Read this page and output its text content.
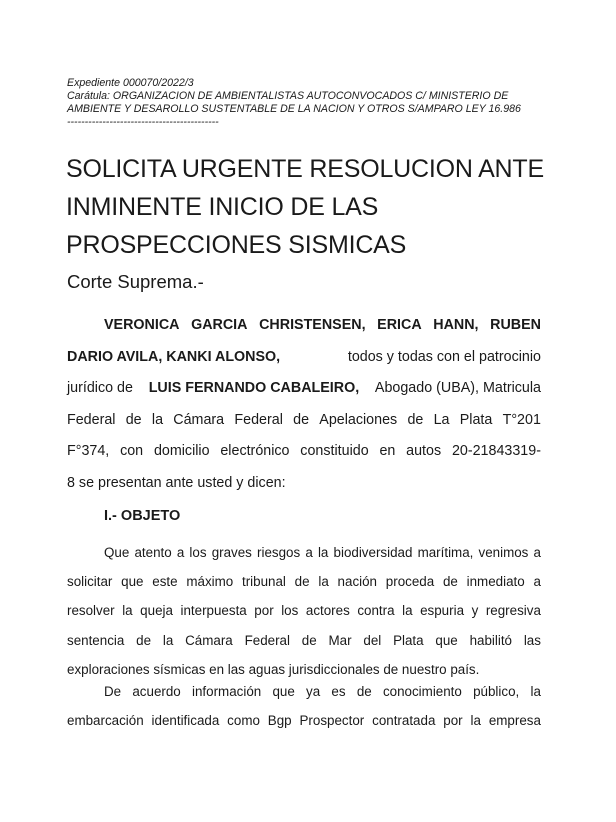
Expediente 000070/2022/3
Carátula: ORGANIZACION DE AMBIENTALISTAS AUTOCONVOCADOS C/ MINISTERIO DE
AMBIENTE Y DESAROLLO SUSTENTABLE DE LA NACION Y OTROS S/AMPARO LEY 16.986
-------------------------------------------
SOLICITA URGENTE RESOLUCION ANTE
INMINENTE INICIO DE LAS
PROSPECCIONES SISMICAS
Corte Suprema.-
VERONICA GARCIA CHRISTENSEN, ERICA HANN, RUBEN
DARIO AVILA, KANKI ALONSO,	todos y todas con el patrocinio
jurídico de
LUIS FERNANDO CABALEIRO,
Abogado (UBA), Matricula
Federal de la Cámara Federal de Apelaciones de La Plata T°201
F°374, con domicilio electrónico constituido en autos 20-21843319-
8 se presentan ante usted y dicen:
I.- OBJETO
Que atento a los graves riesgos a la biodiversidad marítima, venimos a
solicitar que este máximo tribunal de la nación proceda de inmediato a
resolver la queja interpuesta por los actores contra la espuria y regresiva
sentencia de la Cámara Federal de Mar del Plata que habilitó las
exploraciones sísmicas en las aguas jurisdiccionales de nuestro país.
De acuerdo información que ya es de conocimiento público, la
embarcación identificada como Bgp Prospector contratada por la empresa
